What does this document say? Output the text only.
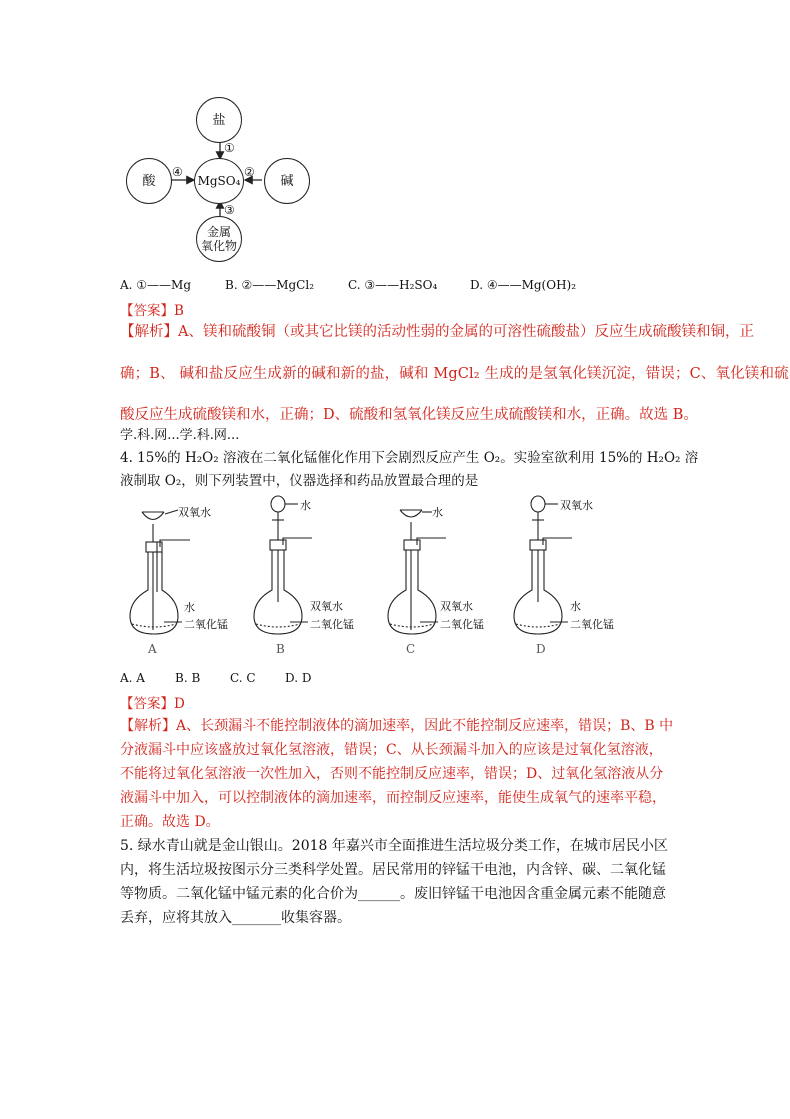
盐
酸	碱
MgSO₄
金属
氧化物
①
②
③
④
A. ①——Mg	B. ②——MgCl₂	C. ③——H₂SO₄	D. ④——Mg(OH)₂
【答案】B
【解析】A、镁和硫酸铜（或其它比镁的活动性弱的金属的可溶性硫酸盐）反应生成硫酸镁和铜，正
确；B、 碱和盐反应生成新的碱和新的盐，碱和 MgCl₂ 生成的是氢氧化镁沉淀，错误；C、氧化镁和硫
酸反应生成硫酸镁和水，正确；D、硫酸和氢氧化镁反应生成硫酸镁和水，正确。故选 B。
学.科.网...学.科.网...
4. 15%的 H₂O₂ 溶液在二氧化锰催化作用下会剧烈反应产生 O₂。实验室欲利用 15%的 H₂O₂ 溶
液制取 O₂，则下列装置中，仪器选择和药品放置最合理的是
双氧水
水
二氧化锰
A
水
双氧水
二氧化锰
B
水
双氧水
二氧化锰
C
双氧水
水
二氧化锰
D
A. A	B. B C. C D. D
【答案】D
【解析】A、长颈漏斗不能控制液体的滴加速率，因此不能控制反应速率，错误；B、B 中
分液漏斗中应该盛放过氧化氢溶液，错误；C、从长颈漏斗加入的应该是过氧化氢溶液，
不能将过氧化氢溶液一次性加入，否则不能控制反应速率，错误；D、过氧化氢溶液从分
液漏斗中加入，可以控制液体的滴加速率，而控制反应速率，能使生成氧气的速率平稳，
正确。故选 D。
5. 绿水青山就是金山银山。2018 年嘉兴市全面推进生活垃圾分类工作，在城市居民小区
内，将生活垃圾按图示分三类科学处置。居民常用的锌锰干电池，内含锌、碳、二氧化锰
等物质。二氧化锰中锰元素的化合价为______。废旧锌锰干电池因含重金属元素不能随意
丢弃，应将其放入_______收集容器。
